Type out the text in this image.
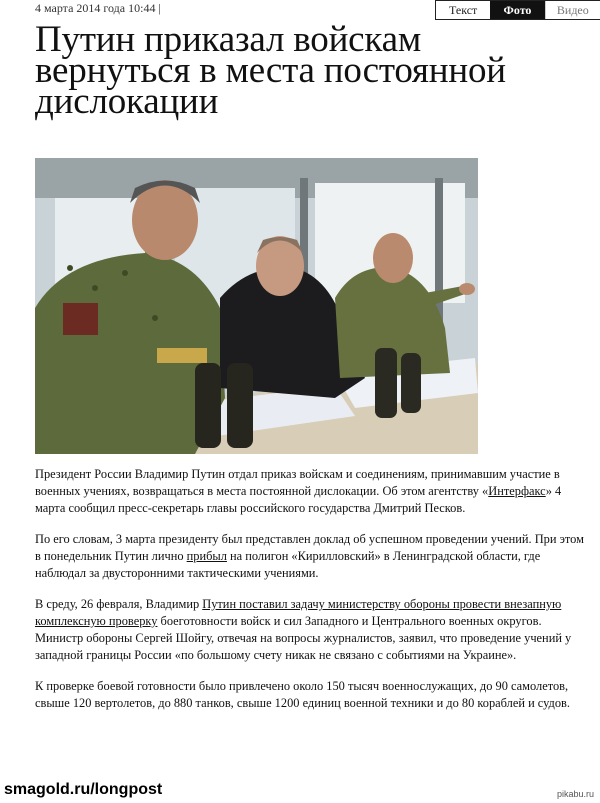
4 марта 2014 года 10:44 |	Текст	Фото	Видео
Путин приказал войскам вернуться в места постоянной дислокации

Президент России Владимир Путин отдал приказ войскам и соединениям, принимавшим участие в военных учениях, возвращаться в места постоянной дислокации. Об этом агентству «Интерфакс» 4 марта сообщил пресс-секретарь главы российского государства Дмитрий Песков.

По его словам, 3 марта президенту был представлен доклад об успешном проведении учений. При этом в понедельник Путин лично прибыл на полигон «Кирилловский» в Ленинградской области, где наблюдал за двусторонними тактическими учениями.

В среду, 26 февраля, Владимир Путин поставил задачу министерству обороны провести внезапную комплексную проверку боеготовности войск и сил Западного и Центрального военных округов. Министр обороны Сергей Шойгу, отвечая на вопросы журналистов, заявил, что проведение учений у западной границы России «по большому счету никак не связано с событиями на Украине».

К проверке боевой готовности было привлечено около 150 тысяч военнослужащих, до 90 самолетов, свыше 120 вертолетов, до 880 танков, свыше 1200 единиц военной техники и до 80 кораблей и судов.

smagold.ru/longpost	pikabu.ru
